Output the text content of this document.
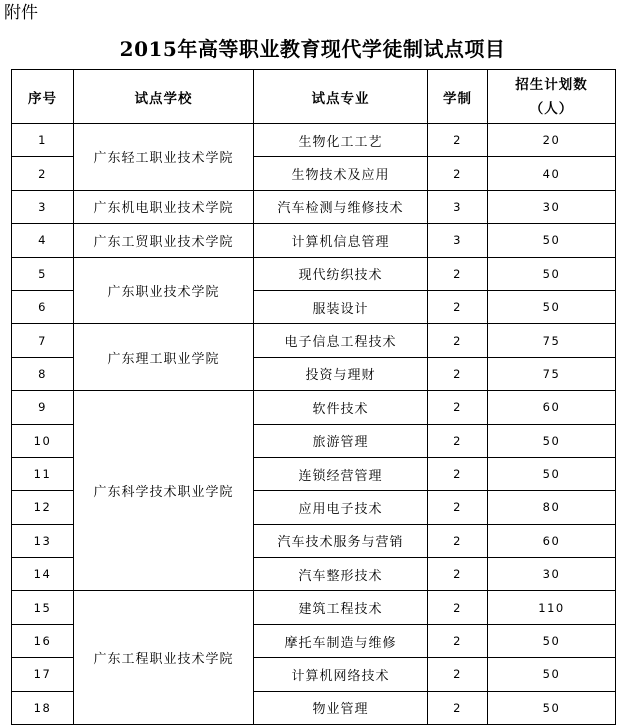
附件
2015年高等职业教育现代学徒制试点项目
序号	试点学校	试点专业	学制	招生计划数
（人）

1	广东轻工职业技术学院	生物化工工艺	2	20
2		生物技术及应用	2	40
3	广东机电职业技术学院	汽车检测与维修技术	3	30
4	广东工贸职业技术学院	计算机信息管理	3	50
5	广东职业技术学院	现代纺织技术	2	50
6		服装设计	2	50
7	广东理工职业学院	电子信息工程技术	2	75
8		投资与理财	2	75
9	广东科学技术职业学院	软件技术	2	60
10		旅游管理	2	50
11		连锁经营管理	2	50
12		应用电子技术	2	80
13		汽车技术服务与营销	2	60
14		汽车整形技术	2	30
15	广东工程职业技术学院	建筑工程技术	2	110
16		摩托车制造与维修	2	50
17		计算机网络技术	2	50
18		物业管理	2	50
